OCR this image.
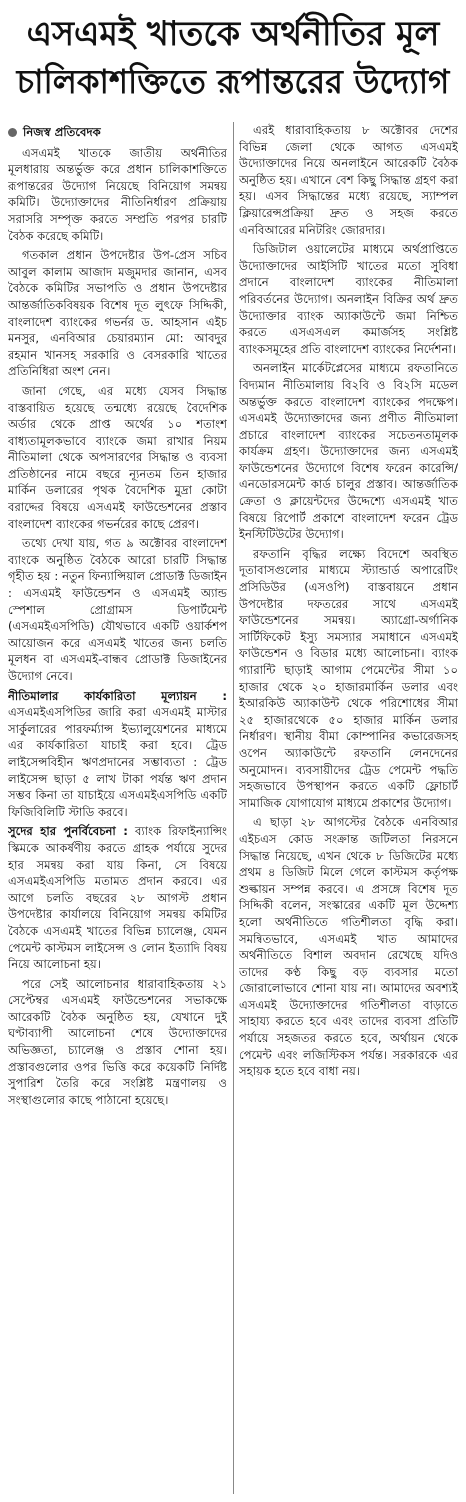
এসএমই খাতকে অর্থনীতির মূল
চালিকাশক্তিতে রূপান্তরের উদ্যোগ
নিজস্ব প্রতিবেদক

এসএমই খাতকে জাতীয় অর্থনীতির মূলধারায় অন্তর্ভুক্ত করে প্রধান চালিকাশক্তিতে রূপান্তরের উদ্যোগ নিয়েছে বিনিয়োগ সমন্বয় কমিটি। উদ্যোক্তাদের নীতিনির্ধারণ প্রক্রিয়ায় সরাসরি সম্পৃক্ত করতে সম্প্রতি পরপর চারটি বৈঠক করেছে কমিটি।

গতকাল প্রধান উপদেষ্টার উপ-প্রেস সচিব আবুল কালাম আজাদ মজুমদার জানান, এসব বৈঠকে কমিটির সভাপতি ও প্রধান উপদেষ্টার আন্তর্জাতিকবিষয়ক বিশেষ দূত লুৎফে সিদ্দিকী, বাংলাদেশ ব্যাংকের গভর্নর ড. আহসান এইচ মনসুর, এনবিআর চেয়ারম্যান মো: আবদুর রহমান খানসহ সরকারি ও বেসরকারি খাতের প্রতিনিধিরা অংশ নেন।

জানা গেছে, এর মধ্যে যেসব সিদ্ধান্ত বাস্তবায়িত হয়েছে তন্মধ্যে রয়েছে বৈদেশিক অর্ডার থেকে প্রাপ্ত অর্থের ১০ শতাংশ বাধ্যতামূলকভাবে ব্যাংকে জমা রাখার নিয়ম নীতিমালা থেকে অপসারণের সিদ্ধান্ত ও ব্যবসা প্রতিষ্ঠানের নামে বছরে ন্যূনতম তিন হাজার মার্কিন ডলারের পৃথক বৈদেশিক মুদ্রা কোটা বরাদ্দের বিষয়ে এসএমই ফাউন্ডেশনের প্রস্তাব বাংলাদেশ ব্যাংকের গভর্নরের কাছে প্রেরণ।

তথ্যে দেখা যায়, গত ৯ অক্টোবর বাংলাদেশ ব্যাংকে অনুষ্ঠিত বৈঠকে আরো চারটি সিদ্ধান্ত গৃহীত হয় : নতুন ফিন্যান্সিয়াল প্রোডাক্ট ডিজাইন : এসএমই ফাউন্ডেশন ও এসএমই অ্যান্ড স্পেশাল প্রোগ্রামস ডিপার্টমেন্ট (এসএমইএসপিডি) যৌথভাবে একটি ওয়ার্কশপ আয়োজন করে এসএমই খাতের জন্য চলতি মূলধন বা এসএমই-বান্ধব প্রোডাক্ট ডিজাইনের উদ্যোগ নেবে।

নীতিমালার কার্যকারিতা মূল্যায়ন : এসএমইএসপিডির জারি করা এসএমই মাস্টার সার্কুলারের পারফর্ম্যান্স ইভ্যালুয়েশনের মাধ্যমে এর কার্যকারিতা যাচাই করা হবে। ট্রেড লাইসেন্সবিহীন ঋণপ্রদানের সম্ভাব্যতা : ট্রেড লাইসেন্স ছাড়া ৫ লাখ টাকা পর্যন্ত ঋণ প্রদান সম্ভব কিনা তা যাচাইয়ে এসএমইএসপিডি একটি ফিজিবিলিটি স্টাডি করবে।

সুদের হার পুনর্বিবেচনা : ব্যাংক রিফাইন্যান্সিং স্কিমকে আকর্ষণীয় করতে গ্রাহক পর্যায়ে সুদের হার সমন্বয় করা যায় কিনা, সে বিষয়ে এসএমইএসপিডি মতামত প্রদান করবে। এর আগে চলতি বছরের ২৮ আগস্ট প্রধান উপদেষ্টার কার্যালয়ে বিনিয়োগ সমন্বয় কমিটির বৈঠকে এসএমই খাতের বিভিন্ন চ্যালেঞ্জ, যেমন পেমেন্ট কাস্টমস লাইসেন্স ও লোন ইত্যাদি বিষয় নিয়ে আলোচনা হয়।

পরে সেই আলোচনার ধারাবাহিকতায় ২১ সেপ্টেম্বর এসএমই ফাউন্ডেশনের সভাকক্ষে আরেকটি বৈঠক অনুষ্ঠিত হয়, যেখানে দুই ঘণ্টাব্যাপী আলোচনা শেষে উদ্যোক্তাদের অভিজ্ঞতা, চ্যালেঞ্জ ও প্রস্তাব শোনা হয়। প্রস্তাবগুলোর ওপর ভিত্তি করে কয়েকটি নির্দিষ্ট সুপারিশ তৈরি করে সংশ্লিষ্ট মন্ত্রণালয় ও সংস্থাগুলোর কাছে পাঠানো হয়েছে।

এরই ধারাবাহিকতায় ৮ অক্টোবর দেশের বিভিন্ন জেলা থেকে আগত এসএমই উদ্যোক্তাদের নিয়ে অনলাইনে আরেকটি বৈঠক অনুষ্ঠিত হয়। এখানে বেশ কিছু সিদ্ধান্ত গ্রহণ করা হয়। এসব সিদ্ধান্তের মধ্যে রয়েছে, স্যাম্পল ক্লিয়ারেন্সপ্রক্রিয়া দ্রুত ও সহজ করতে এনবিআরের মনিটরিং জোরদার।

ডিজিটাল ওয়ালেটের মাধ্যমে অর্থপ্রাপ্তিতে উদ্যোক্তাদের আইসিটি খাতের মতো সুবিধা প্রদানে বাংলাদেশ ব্যাংকের নীতিমালা পরিবর্তনের উদ্যোগ। অনলাইন বিক্রির অর্থ দ্রুত উদ্যোক্তার ব্যাংক অ্যাকাউন্টে জমা নিশ্চিত করতে এসএসএল কমার্জসহ সংশ্লিষ্ট ব্যাংকসমূহের প্রতি বাংলাদেশ ব্যাংকের নির্দেশনা।

অনলাইন মার্কেটপ্লেসের মাধ্যমে রফতানিতে বিদ্যমান নীতিমালায় বি২বি ও বি২সি মডেল অন্তর্ভুক্ত করতে বাংলাদেশ ব্যাংকের পদক্ষেপ। এসএমই উদ্যোক্তাদের জন্য প্রণীত নীতিমালা প্রচারে বাংলাদেশ ব্যাংকের সচেতনতামূলক কার্যক্রম গ্রহণ। উদ্যোক্তাদের জন্য এসএমই ফাউন্ডেশনের উদ্যোগে বিশেষ ফরেন কারেন্সি/এনডোরসমেন্ট কার্ড চালুর প্রস্তাব। আন্তর্জাতিক ক্রেতা ও ক্লায়েন্টদের উদ্দেশ্যে এসএমই খাত বিষয়ে রিপোর্ট প্রকাশে বাংলাদেশ ফরেন ট্রেড ইনস্টিটিউটের উদ্যোগ।

রফতানি বৃদ্ধির লক্ষ্যে বিদেশে অবস্থিত দূতাবাসগুলোর মাধ্যমে স্ট্যান্ডার্ড অপারেটিং প্রসিডিউর (এসওপি) বাস্তবায়নে প্রধান উপদেষ্টার দফতরের সাথে এসএমই ফাউন্ডেশনের সমন্বয়। অ্যাগ্রো-অর্গানিক সার্টিফিকেট ইস্যু সমস্যার সমাধানে এসএমই ফাউন্ডেশন ও বিডার মধ্যে আলোচনা। ব্যাংক গ্যারান্টি ছাড়াই আগাম পেমেন্টের সীমা ১০ হাজার থেকে ২০ হাজারমার্কিন ডলার এবং ইআরকিউ অ্যাকাউন্ট থেকে পরিশোধের সীমা ২৫ হাজারথেকে ৫০ হাজার মার্কিন ডলার নির্ধারণ। স্থানীয় বীমা কোম্পানির কভারেজসহ ওপেন অ্যাকাউন্টে রফতানি লেনদেনের অনুমোদন। ব্যবসায়ীদের ট্রেড পেমেন্ট পদ্ধতি সহজভাবে উপস্থাপন করতে একটি ফ্লোচার্ট সামাজিক যোগাযোগ মাধ্যমে প্রকাশের উদ্যোগ।

এ ছাড়া ২৮ আগস্টের বৈঠকে এনবিআর এইচএস কোড সংক্রান্ত জটিলতা নিরসনে সিদ্ধান্ত নিয়েছে, এখন থেকে ৮ ডিজিটের মধ্যে প্রথম ৪ ডিজিট মিলে গেলে কাস্টমস কর্তৃপক্ষ শুল্কায়ন সম্পন্ন করবে। এ প্রসঙ্গে বিশেষ দূত সিদ্দিকী বলেন, সংস্কারের একটি মূল উদ্দেশ্য হলো অর্থনীতিতে গতিশীলতা বৃদ্ধি করা। সমন্বিতভাবে, এসএমই খাত আমাদের অর্থনীতিতে বিশাল অবদান রেখেছে যদিও তাদের কণ্ঠ কিছু বড় ব্যবসার মতো জোরালোভাবে শোনা যায় না। আমাদের অবশ্যই এসএমই উদ্যোক্তাদের গতিশীলতা বাড়াতে সাহায্য করতে হবে এবং তাদের ব্যবসা প্রতিটি পর্যায়ে সহজতর করতে হবে, অর্থায়ন থেকে পেমেন্ট এবং লজিস্টিকস পর্যন্ত। সরকারকে এর সহায়ক হতে হবে বাধা নয়।
